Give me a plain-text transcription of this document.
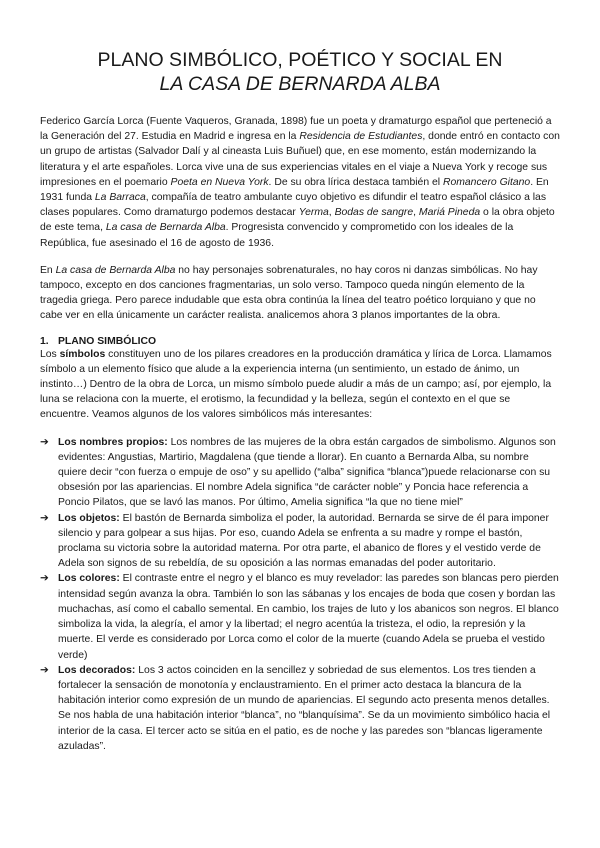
PLANO SIMBÓLICO, POÉTICO Y SOCIAL EN
LA CASA DE BERNARDA ALBA

Federico García Lorca (Fuente Vaqueros, Granada, 1898) fue un poeta y dramaturgo español que perteneció a la Generación del 27. Estudia en Madrid e ingresa en la Residencia de Estudiantes, donde entró en contacto con un grupo de artistas (Salvador Dalí y al cineasta Luis Buñuel) que, en ese momento, están modernizando la literatura y el arte españoles. Lorca vive una de sus experiencias vitales en el viaje a Nueva York y recoge sus impresiones en el poemario Poeta en Nueva York. De su obra lírica destaca también el Romancero Gitano. En 1931 funda La Barraca, compañía de teatro ambulante cuyo objetivo es difundir el teatro español clásico a las clases populares. Como dramaturgo podemos destacar Yerma, Bodas de sangre, Mariá Pineda o la obra objeto de este tema, La casa de Bernarda Alba. Progresista convencido y comprometido con los ideales de la República, fue asesinado el 16 de agosto de 1936.

En La casa de Bernarda Alba no hay personajes sobrenaturales, no hay coros ni danzas simbólicas. No hay tampoco, excepto en dos canciones fragmentarias, un solo verso. Tampoco queda ningún elemento de la tragedia griega. Pero parece indudable que esta obra continúa la línea del teatro poético lorquiano y que no cabe ver en ella únicamente un carácter realista. analicemos ahora 3 planos importantes de la obra.

1. PLANO SIMBÓLICO

Los símbolos constituyen uno de los pilares creadores en la producción dramática y lírica de Lorca. Llamamos símbolo a un elemento físico que alude a la experiencia interna (un sentimiento, un estado de ánimo, un instinto…) Dentro de la obra de Lorca, un mismo símbolo puede aludir a más de un campo; así, por ejemplo, la luna se relaciona con la muerte, el erotismo, la fecundidad y la belleza, según el contexto en el que se encuentre. Veamos algunos de los valores simbólicos más interesantes:

➔ Los nombres propios: Los nombres de las mujeres de la obra están cargados de simbolismo. Algunos son evidentes: Angustias, Martirio, Magdalena (que tiende a llorar). En cuanto a Bernarda Alba, su nombre quiere decir “con fuerza o empuje de oso” y su apellido (“alba” significa “blanca”)puede relacionarse con su obsesión por las apariencias. El nombre Adela significa “de carácter noble” y Poncia hace referencia a Poncio Pilatos, que se lavó las manos. Por último, Amelia significa “la que no tiene miel”
➔ Los objetos: El bastón de Bernarda simboliza el poder, la autoridad. Bernarda se sirve de él para imponer silencio y para golpear a sus hijas. Por eso, cuando Adela se enfrenta a su madre y rompe el bastón, proclama su victoria sobre la autoridad materna. Por otra parte, el abanico de flores y el vestido verde de Adela son signos de su rebeldía, de su oposición a las normas emanadas del poder autoritario.
➔ Los colores: El contraste entre el negro y el blanco es muy revelador: las paredes son blancas pero pierden intensidad según avanza la obra. También lo son las sábanas y los encajes de boda que cosen y bordan las muchachas, así como el caballo semental. En cambio, los trajes de luto y los abanicos son negros. El blanco simboliza la vida, la alegría, el amor y la libertad; el negro acentúa la tristeza, el odio, la represión y la muerte. El verde es considerado por Lorca como el color de la muerte (cuando Adela se prueba el vestido verde)
➔ Los decorados: Los 3 actos coinciden en la sencillez y sobriedad de sus elementos. Los tres tienden a fortalecer la sensación de monotonía y enclaustramiento. En el primer acto destaca la blancura de la habitación interior como expresión de un mundo de apariencias. El segundo acto presenta menos detalles. Se nos habla de una habitación interior “blanca”, no “blanquísima”. Se da un movimiento simbólico hacia el interior de la casa. El tercer acto se sitúa en el patio, es de noche y las paredes son “blancas ligeramente azuladas”.
